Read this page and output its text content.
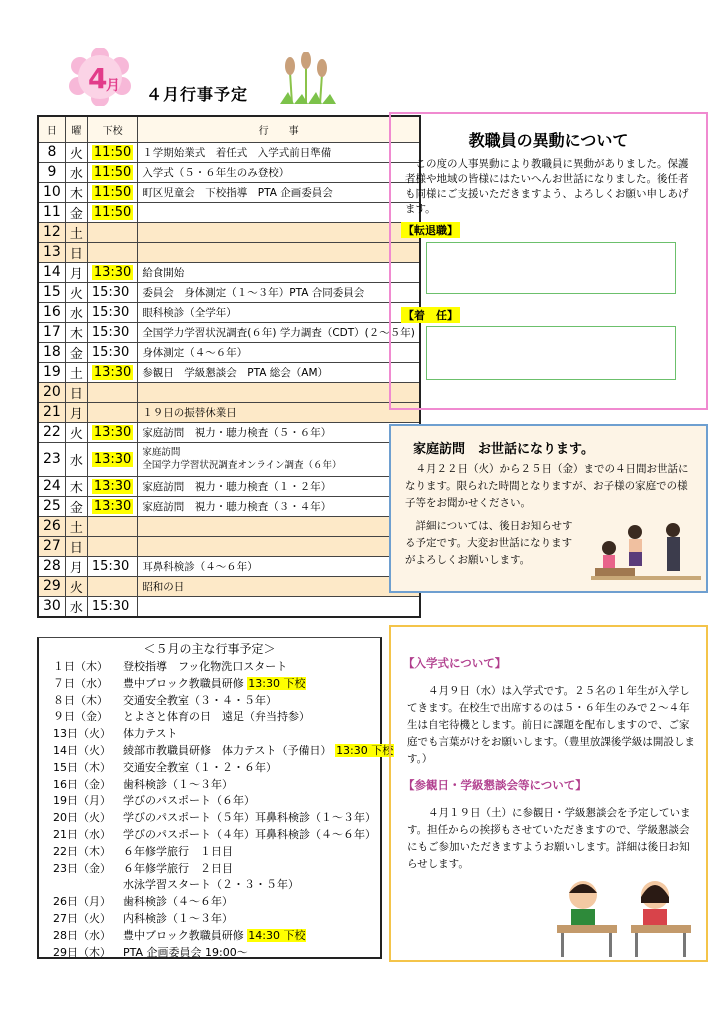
4
月 ４月行事予定
日	曜	下校	行　　事
8	火	11:50	１学期始業式　着任式　入学式前日準備
9	水	11:50	入学式（５・６年生のみ登校）
10	木	11:50	町区児童会　下校指導　PTA 企画委員会
11	金	11:50	
12	土		
13	日		
14	月	13:30	給食開始
15	火	15:30	委員会　身体測定（１～３年）PTA 合同委員会
16	水	15:30	眼科検診（全学年）
17	木	15:30	全国学力学習状況調査(６年) 学力調査（CDT）(２～５年)
18	金	15:30	身体測定（４～６年）
19	土	13:30	参観日　学級懇談会　PTA 総会（AM）
20	日		
21	月		１９日の振替休業日
22	火	13:30	家庭訪問　視力・聴力検査（５・６年）
23	水	13:30	家庭訪問
全国学力学習状況調査オンライン調査（６年）

24	木	13:30	家庭訪問　視力・聴力検査（１・２年）
25	金	13:30	家庭訪問　視力・聴力検査（３・４年）
26	土		
27	日		
28	月	15:30	耳鼻科検診（４～６年）
29	火		昭和の日
30	水	15:30	
＜５月の主な行事予定＞
１日（木） 登校指導　フッ化物洗口スタート
７日（水） 豊中ブロック教職員研修 13:30 下校
８日（木） 交通安全教室（３・４・５年）
９日（金） とよさと体育の日　遠足（弁当持参）
13日（火） 体力テスト
14日（火） 綾部市教職員研修　体力テスト（予備日） 13:30 下校
15日（木） 交通安全教室（１・２・６年）
16日（金） 歯科検診（１～３年）
19日（月） 学びのパスポート（６年）
20日（火） 学びのパスポート（５年）耳鼻科検診（１～３年）
21日（水） 学びのパスポート（４年）耳鼻科検診（４～６年）
22日（木） ６年修学旅行　１日目
23日（金） ６年修学旅行　２日目
水泳学習スタート（２・３・５年）
26日（月） 歯科検診（４～６年）
27日（火） 内科検診（１～３年）
28日（水） 豊中ブロック教職員研修 14:30 下校
29日（木） PTA 企画委員会 19:00～
教職員の異動について

この度の人事異動により教職員に異動がありました。保護者様や地域の皆様にはたいへんお世話になりました。後任者も同様にご支援いただきますよう、よろしくお願い申しあげます。

【転退職】
【着　任】
家庭訪問　お世話になります。

４月２２日（火）から２５日（金）までの４日間お世話になります。限られた時間となりますが、お子様の家庭での様子等をお聞かせください。

詳細については、後日お知らせする予定です。大変お世話になりますがよろしくお願いします。

【入学式について】

４月９日（水）は入学式です。２５名の１年生が入学してきます。在校生で出席するのは５・６年生のみで２～４年生は自宅待機とします。前日に課題を配布しますので、ご家庭でも言葉がけをお願いします。（豊里放課後学級は開設します。）

【参観日・学級懇談会等について】

４月１９日（土）に参観日・学級懇談会を予定しています。担任からの挨拶もさせていただきますので、学級懇談会にもご参加いただきますようお願いします。詳細は後日お知らせします。
